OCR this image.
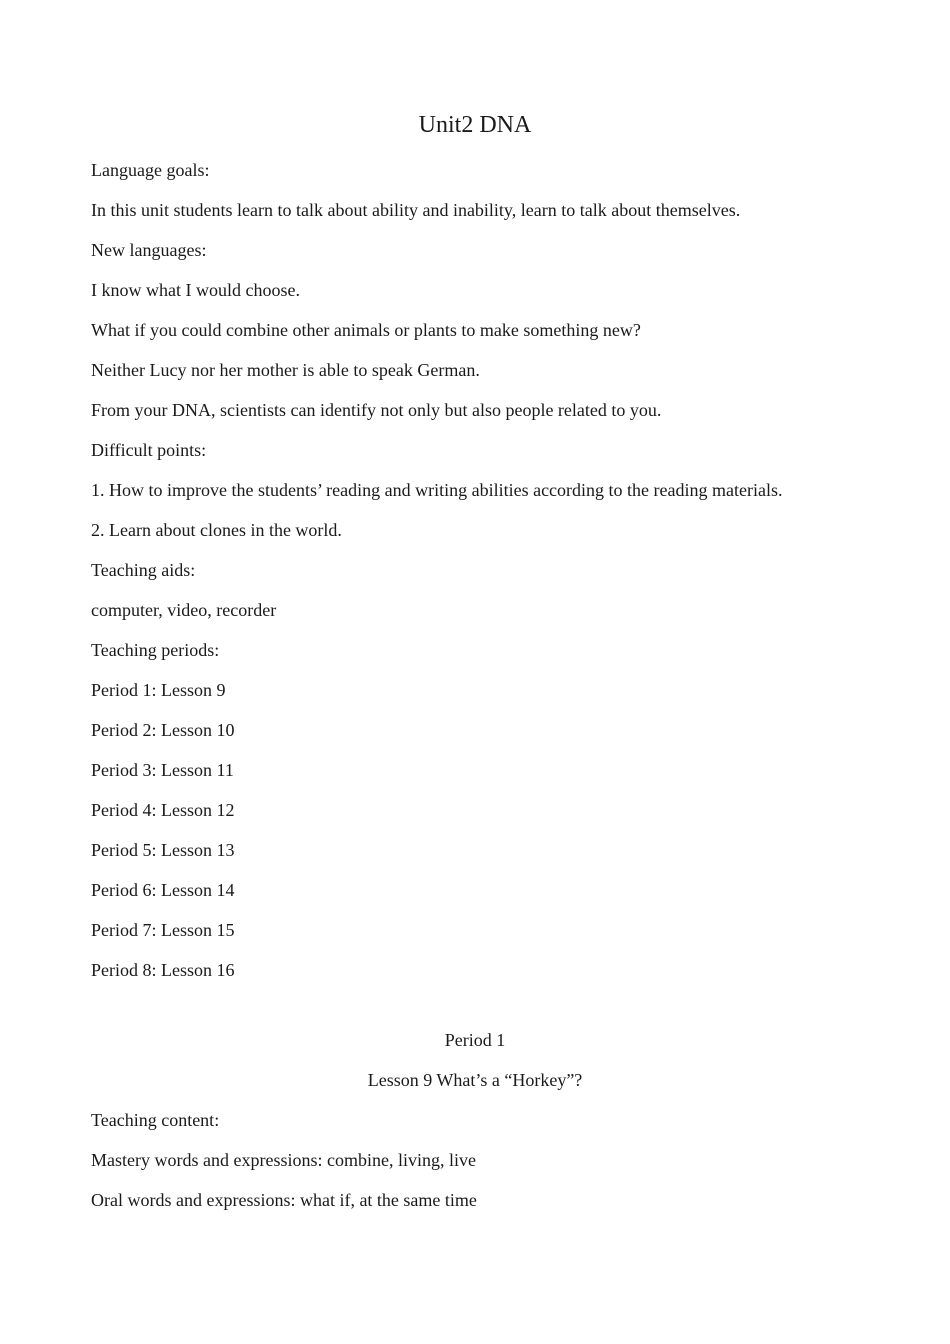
Unit2 DNA
Language goals:
In this unit students learn to talk about ability and inability, learn to talk about themselves.
New languages:
I know what I would choose.
What if you could combine other animals or plants to make something new?
Neither Lucy nor her mother is able to speak German.
From your DNA, scientists can identify not only but also people related to you.
Difficult points:
1. How to improve the students’ reading and writing abilities according to the reading materials.
2. Learn about clones in the world.
Teaching aids:
computer, video, recorder
Teaching periods:
Period 1: Lesson 9
Period 2: Lesson 10
Period 3: Lesson 11
Period 4: Lesson 12
Period 5: Lesson 13
Period 6: Lesson 14
Period 7: Lesson 15
Period 8: Lesson 16
Period 1
Lesson 9 What’s a “Horkey”?
Teaching content:
Mastery words and expressions: combine, living, live
Oral words and expressions: what if, at the same time
